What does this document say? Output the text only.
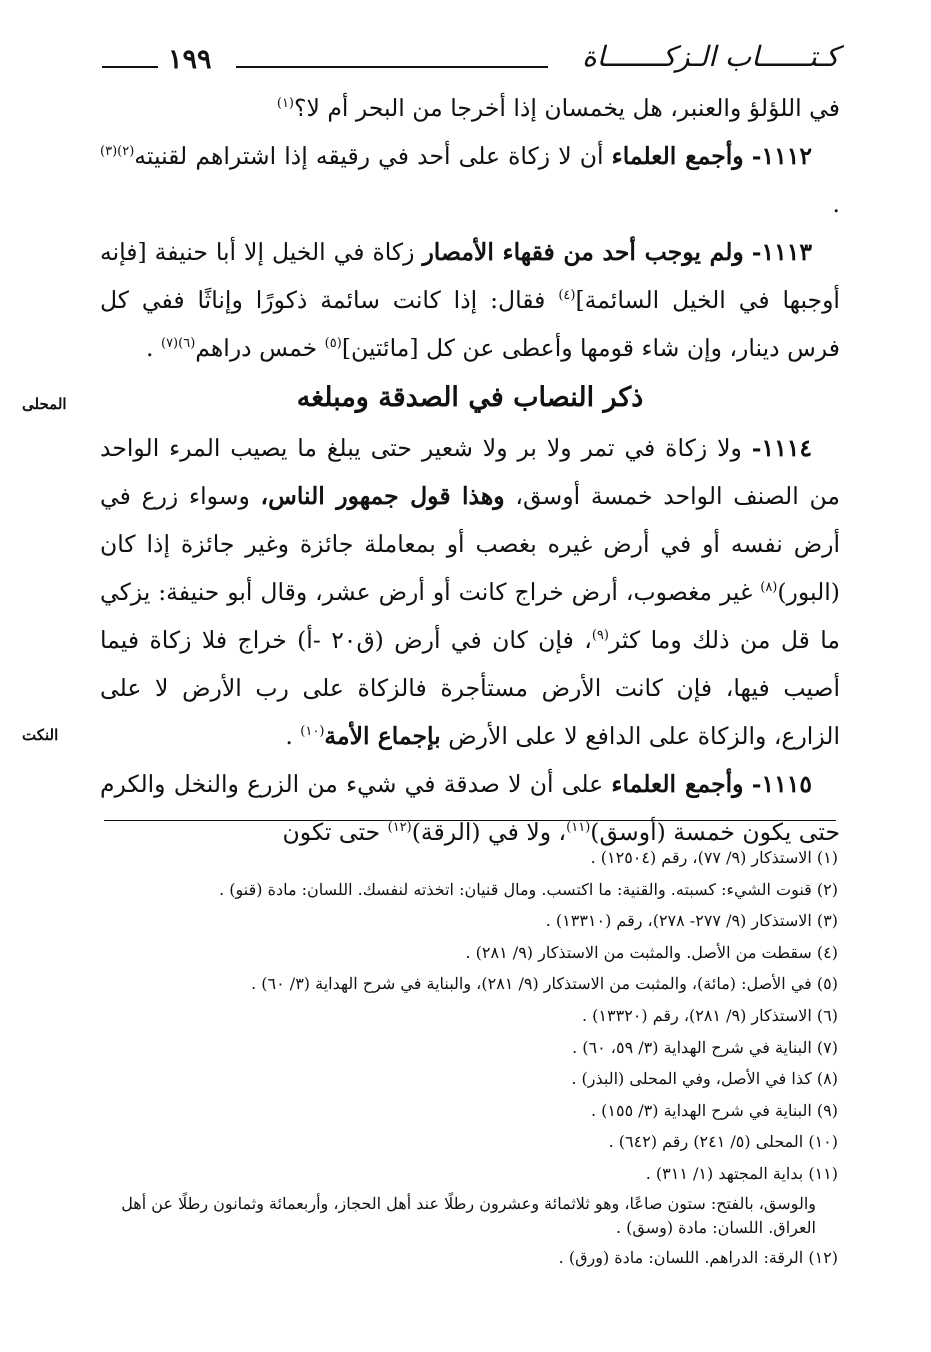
كـتــــــاب الـزكـــــــاة
١٩٩
المحلى
النكت

في اللؤلؤ والعنبر، هل يخمسان إذا أخرجا من البحر أم لا؟$^{(١)}$

١١١٢- وأجمع العلماء أن لا زكاة على أحد في رقيقه إذا اشتراهم لقنيته$^{(٢)(٣)}$ .

١١١٣- ولم يوجب أحد من فقهاء الأمصار زكاة في الخيل إلا أبا حنيفة [فإنه أوجبها في الخيل السائمة]$^{(٤)}$ فقال: إذا كانت سائمة ذكورًا وإناثًا ففي كل فرس دينار، وإن شاء قومها وأعطى عن كل [مائتين]$^{(٥)}$ خمس دراهم$^{(٦)(٧)}$ .

ذكر النصاب في الصدقة ومبلغه

١١١٤- ولا زكاة في تمر ولا بر ولا شعير حتى يبلغ ما يصيب المرء الواحد من الصنف الواحد خمسة أوسق، وهذا قول جمهور الناس، وسواء زرع في أرض نفسه أو في أرض غيره بغصب أو بمعاملة جائزة وغير جائزة إذا كان (البور)$^{(٨)}$ غير مغصوب، أرض خراج كانت أو أرض عشر، وقال أبو حنيفة: يزكي ما قل من ذلك وما كثر$^{(٩)}$، فإن كان في أرض (ق٢٠ -أ) خراج فلا زكاة فيما أصيب فيها، فإن كانت الأرض مستأجرة فالزكاة على رب الأرض لا على الزارع، والزكاة على الدافع لا على الأرض بإجماع الأمة$^{(١٠)}$ .

١١١٥- وأجمع العلماء على أن لا صدقة في شيء من الزرع والنخل والكرم حتى يكون خمسة (أوسق)$^{(١١)}$، ولا في (الرقة)$^{(١٢)}$ حتى تكون

(١) الاستذكار (٩/ ٧٧)، رقم (١٢٥٠٤) .
(٢) قنوت الشيء: كسبته. والقنية: ما اكتسب. ومال قنيان: اتخذته لنفسك. اللسان: مادة (قنو) .
(٣) الاستذكار (٩/ ٢٧٧- ٢٧٨)، رقم (١٣٣١٠) .
(٤) سقطت من الأصل. والمثبت من الاستذكار (٩/ ٢٨١) .
(٥) في الأصل: (مائة)، والمثبت من الاستذكار (٩/ ٢٨١)، والبناية في شرح الهداية (٣/ ٦٠) .
(٦) الاستذكار (٩/ ٢٨١)، رقم (١٣٣٢٠) .
(٧) البناية في شرح الهداية (٣/ ٥٩، ٦٠) .
(٨) كذا في الأصل، وفي المحلى (البذر) .
(٩) البناية في شرح الهداية (٣/ ١٥٥) .
(١٠) المحلى (٥/ ٢٤١) رقم (٦٤٢) .
(١١) بداية المجتهد (١/ ٣١١) .
والوسق، بالفتح: ستون صاعًا، وهو ثلاثمائة وعشرون رطلًا عند أهل الحجاز، وأربعمائة وثمانون رطلًا عن أهل العراق. اللسان: مادة (وسق) .
(١٢) الرقة: الدراهم. اللسان: مادة (ورق) .
